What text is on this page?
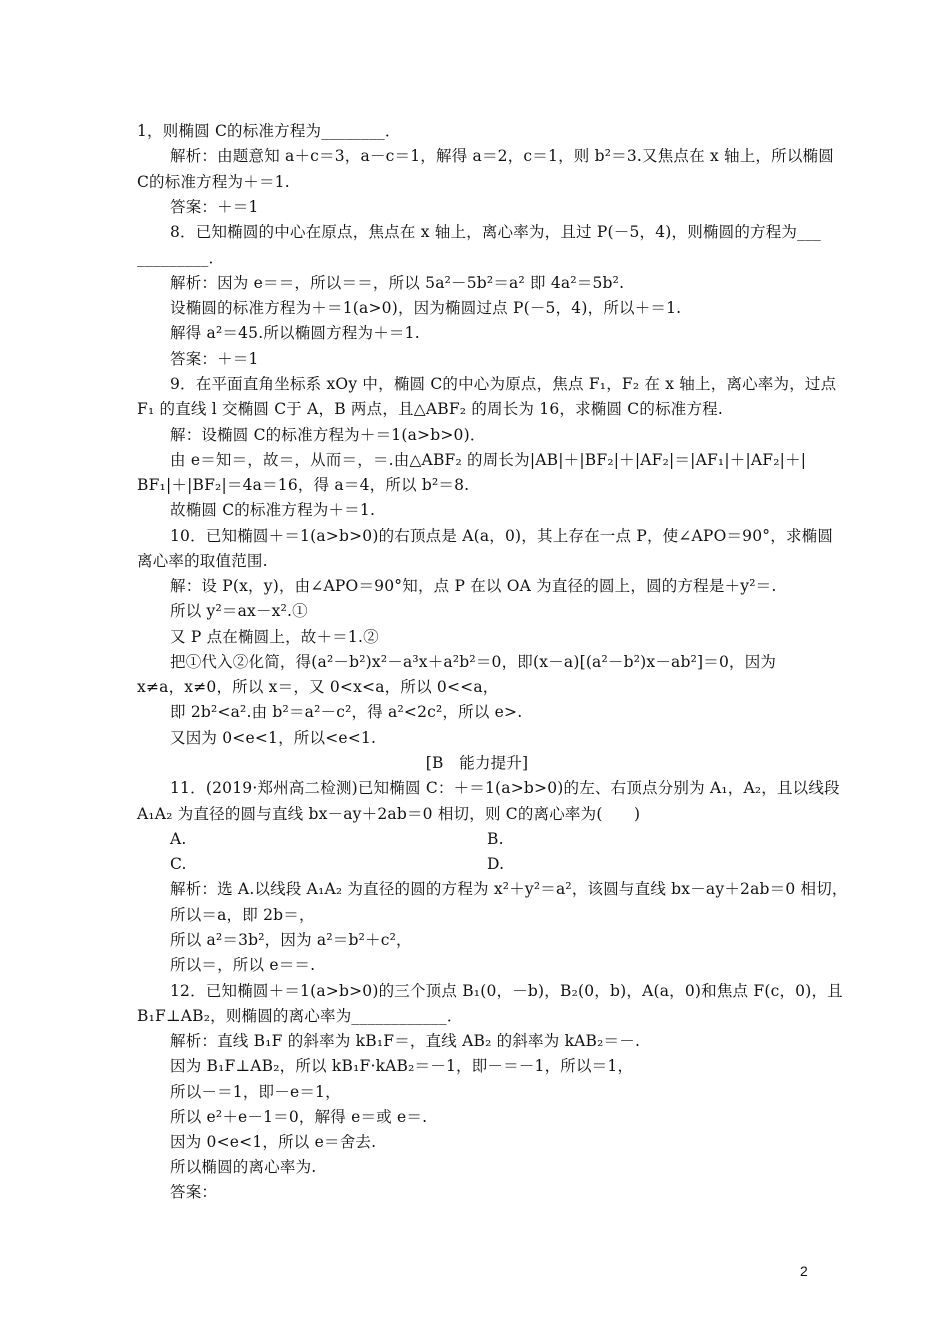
1，则椭圆 C的标准方程为________．
解析：由题意知 a＋c＝3，a－c＝1，解得 a＝2，c＝1，则 b²＝3.又焦点在 x 轴上，所以椭圆
C的标准方程为＋＝1.
答案：＋＝1
8．已知椭圆的中心在原点，焦点在 x 轴上，离心率为，且过 P(－5，4)，则椭圆的方程为___
_________．
解析：因为 e＝＝，所以＝＝，所以 5a²－5b²＝a² 即 4a²＝5b².
设椭圆的标准方程为＋＝1(a>0)，因为椭圆过点 P(－5，4)，所以＋＝1.
解得 a²＝45.所以椭圆方程为＋＝1.
答案：＋＝1
9．在平面直角坐标系 xOy 中，椭圆 C的中心为原点，焦点 F₁，F₂ 在 x 轴上，离心率为，过点
F₁ 的直线 l 交椭圆 C于 A，B 两点，且△ABF₂ 的周长为 16，求椭圆 C的标准方程.
解：设椭圆 C的标准方程为＋＝1(a>b>0)．
由 e＝知＝，故＝，从而＝，＝.由△ABF₂ 的周长为|AB|＋|BF₂|＋|AF₂|＝|AF₁|＋|AF₂|＋|
BF₁|＋|BF₂|＝4a＝16，得 a＝4，所以 b²＝8.
故椭圆 C的标准方程为＋＝1.
10．已知椭圆＋＝1(a>b>0)的右顶点是 A(a，0)，其上存在一点 P，使∠APO＝90°，求椭圆
离心率的取值范围.
解：设 P(x，y)，由∠APO＝90°知，点 P 在以 OA 为直径的圆上，圆的方程是＋y²＝.
所以 y²＝ax－x².①
又 P 点在椭圆上，故＋＝1.②
把①代入②化简，得(a²－b²)x²－a³x＋a²b²＝0，即(x－a)[(a²－b²)x－ab²]＝0，因为
x≠a，x≠0，所以 x＝，又 0<x<a，所以 0<<a，
即 2b²<a².由 b²＝a²－c²，得 a²<2c²，所以 e>.
又因为 0<e<1，所以<e<1.
[B　能力提升]
11．(2019·郑州高二检测)已知椭圆 C：＋＝1(a>b>0)的左、右顶点分别为 A₁，A₂，且以线段
A₁A₂ 为直径的圆与直线 bx－ay＋2ab＝0 相切，则 C的离心率为(　　)
A.	B.
C.	D.
解析：选 A.以线段 A₁A₂ 为直径的圆的方程为 x²＋y²＝a²，该圆与直线 bx－ay＋2ab＝0 相切，
所以＝a，即 2b＝，
所以 a²＝3b²，因为 a²＝b²＋c²，
所以＝，所以 e＝＝.
12．已知椭圆＋＝1(a>b>0)的三个顶点 B₁(0，－b)，B₂(0，b)，A(a，0)和焦点 F(c，0)，且
B₁F⊥AB₂，则椭圆的离心率为____________．
解析：直线 B₁F 的斜率为 kB₁F＝，直线 AB₂ 的斜率为 kAB₂＝－.
因为 B₁F⊥AB₂，所以 kB₁F·kAB₂＝－1，即－＝－1，所以＝1，
所以－＝1，即－e＝1，
所以 e²＋e－1＝0，解得 e＝或 e＝.
因为 0<e<1，所以 e＝舍去.
所以椭圆的离心率为.
答案：
2
